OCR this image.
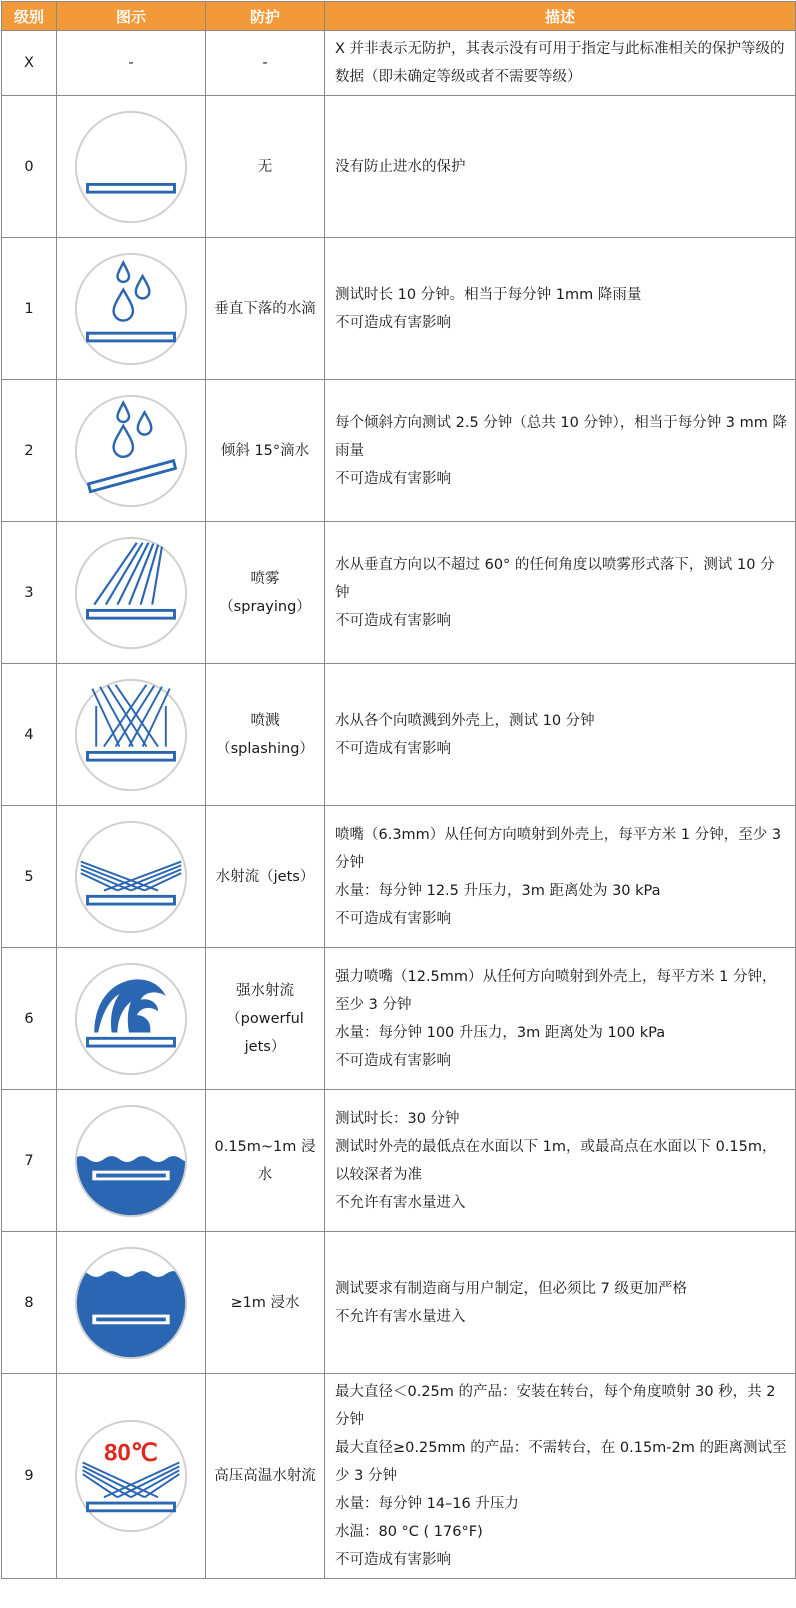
级别	图示	防护	描述
X	-	-	X 并非表示无防护，其表示没有可用于指定与此标准相关的保护等级的数据（即未确定等级或者不需要等级）

0		无	没有防止进水的保护

1		垂直下落的水滴	测试时长 10 分钟。相当于每分钟 1mm 降雨量
不可造成有害影响

2		倾斜 15°滴水	每个倾斜方向测试 2.5 分钟（总共 10 分钟），相当于每分钟 3 mm 降雨量
不可造成有害影响

3		喷雾（spraying）	水从垂直方向以不超过 60° 的任何角度以喷雾形式落下，测试 10 分钟
不可造成有害影响

4		喷溅（splashing）	水从各个向喷溅到外壳上，测试 10 分钟
不可造成有害影响

5		水射流（jets）	喷嘴（6.3mm）从任何方向喷射到外壳上，每平方米 1 分钟，至少 3 分钟
水量：每分钟 12.5 升压力，3m 距离处为 30 kPa
不可造成有害影响

6		强水射流（powerful jets）	强力喷嘴（12.5mm）从任何方向喷射到外壳上，每平方米 1 分钟，至少 3 分钟
水量：每分钟 100 升压力，3m 距离处为 100 kPa
不可造成有害影响

7		0.15m~1m 浸水	测试时长：30 分钟
测试时外壳的最低点在水面以下 1m，或最高点在水面以下 0.15m，以较深者为准
不允许有害水量进入

8		≥1m 浸水	测试要求有制造商与用户制定，但必须比 7 级更加严格
不允许有害水量进入

9	80℃	高压高温水射流	最大直径＜0.25m 的产品：安装在转台，每个角度喷射 30 秒，共 2 分钟
最大直径≥0.25mm 的产品：不需转台，在 0.15m-2m 的距离测试至少 3 分钟
水量：每分钟 14–16 升压力
水温：80 °C ( 176°F)
不可造成有害影响
